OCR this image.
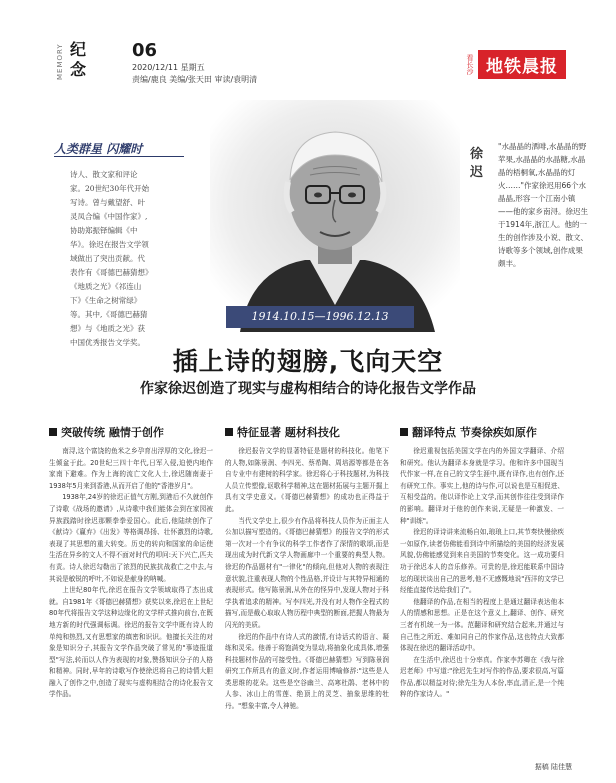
MEMORY 纪念
06
2020/12/11 星期五
责编/鹿良 美编/张天田 审读/袁明清
看长沙 地铁晨报
人类群星 闪耀时
诗人、散文家和评论家。20世纪30年代开始写诗。曾与戴望舒、叶灵凤合编《中国作家》,协助郑振铎编辑《中华》。徐迟在报告文学领域做出了突出贡献。代表作有《哥德巴赫猜想》《地质之光》《祁连山下》《生命之树常绿》等。其中,《哥德巴赫猜想》与《地质之光》获中国优秀报告文学奖。
1914.10.15—1996.12.13
徐迟
"水晶晶的洒啡,水晶晶的野苹果,水晶晶的水晶糖,水晶晶的梧桐氧,水晶晶的灯火……"作家徐迟用66个水晶晶,形容一个江南小镇——他的家乡南浔。徐迟生于1914年,浙江人。他的一生的创作涉及小说、散文、诗歌等多个领域,创作成果颇丰。
插上诗的翅膀,飞向天空
作家徐迟创造了现实与虚构相结合的诗化报告文学作品
突破传统 融情于创作

南浔,这个富饶的鱼米之乡孕育出浮厚的文化,徐迟一生倾盆于此。20世纪三四十年代,日军入侵,迫使内地作家南下避难。作为上海的流亡文化人士,徐迟随南妻于1938年5月来到香港,从而开启了他的"香港岁月"。

1938年,24岁的徐迟正值气方刚,到港后不久就创作了诗歌《战场的邀请》,从诗歌中我们能体会到在家园被异族践踏时徐迟那颗拳拳爱国心。此后,他陆续创作了《献诗》《赢弃》《出发》等格调昂扬、壮怀激烈的诗歌,表现了其思想的重大转变。历史的转向和国家的命运使生活在异乡的文人不得不面对时代的叩问:天下兴亡,匹夫有责。诗人徐迟勾勒出了浓烈的民族抗战救亡之中去,与其说是敏锐的呼叶,不如说是献身的呐喊。

上世纪80年代,徐迟在报告文学领域取得了杰出成就。自1981年《哥德巴赫猜想》获奖以来,徐迟在上世纪80年代将报告文学这种边缘化的文学样式推向前台,在既地方新的时代强调标调。徐迟的报告文学中既有诗人的单纯和热烈,又有思想家的缜密和识识。他擅长关注的对象是知识分子,其报告文学作品突破了常见的"事迹报道型"写法,转而以人作为表现的对象,赞扬知识分子的人格和精神。同时,早年的诗歌写作使徐迟将自己的诗情大胆融入了创作之中,创造了现实与虚构相结合的诗化报告文学作品。

特征显著 题材科技化

徐迟报告文学的显著特征是题材的科技化。他笔下的人物,如陈景润、李四光、蔡希陶、周培源等都是在各自专业中有建树的科学家。徐迟将心于科技题材,为科技人员立传塑像,讴歌科学精神,这在题材拓展与主题开掘上具有文学史意义。《哥德巴赫猜想》的成功也正得益于此。

当代文学史上,很少有作品将科技人员作为正面主人公加以描写塑造的。《哥德巴赫猜想》的报告文学的形式第一次对一个有争议的科学工作者作了深情的歌颂,而是现出成为时代新文学人物画廊中一个重要的典型人物。徐迟的作品题材有"一律化"的倾向,但他对人物的表现注意状貌,注重表现人物的个性品格,并设计与其特异相通的表现形式。他写陈景润,从外在的怪异中,发现人物对于科学执着追求的精神。写李四光,并没有对人物作全程式的描写,而是截心取取人物历程中典型的断面,把握人物最为闪光的美质。

徐迟的作品中有诗人式的激情,有诗话式的语言、凝练和灵采。他善于将饱满变为显动,将抽象化成具体,增强科技题材作品的可接受性。《哥德巴赫猜想》写到陈景润研究工作所具有的意义时,作者运用博喻修辞:"这些是人类思维的花朵。这些是空谷幽兰、高寒杜鹃、老林中的人参、冰山上的雪莲、绝顶上的灵芝、抽象思维的牡丹。"想象丰富,令人神驰。

翻译特点 节奏徐疾如原作

徐迟重视包括美国文学在内的外国文学翻译、介绍和研究。他认为翻译本身就是学习。他和许多中国现当代作家一样,在自己的文学生涯中,既有译作,也有创作,还有研究工作。事实上,他的诗与作,可以说也是互相促进、互相受益的。他以译作论上文学,而其创作往往受到译作的影响。翻译对于他的创作来说,无疑是一种激发、一种"训练"。

徐迟的译诗讲来流畅自如,琅琅上口,其节奏快慢徐疾一如原作,读者仿佛能看到诗中所描绘的美国的经济发展风貌,仿佛能感觉到来自美国的节奏变化。这一成功要归功于徐迟本人的音乐修养。可贵的是,徐迟能联系中国诗坛的现状谈出自己的思考,他不无感慨地说"西洋的文学已经能直接传达给我们了"。

他翻译的作品,在相当的程度上是通过翻译表达他本人的情感和思想。正是在这个意义上,翻译、创作、研究三者有机统一为一体。范翻译和研究结合起来,并通过与自己性之所近、难如同自己的作家作品,这也特点大致都体现在徐迟的翻译活动中。

在生活中,徐迟也十分率真。作家李苏卿在《我与徐迟老师》中写道:"徐迟先生对写作的作品,要求很高,写篇作品,都以精益对待;徐先生为人本份,率直,清正,是一个纯粹的作家诗人。"

据稿 陆佳慧
